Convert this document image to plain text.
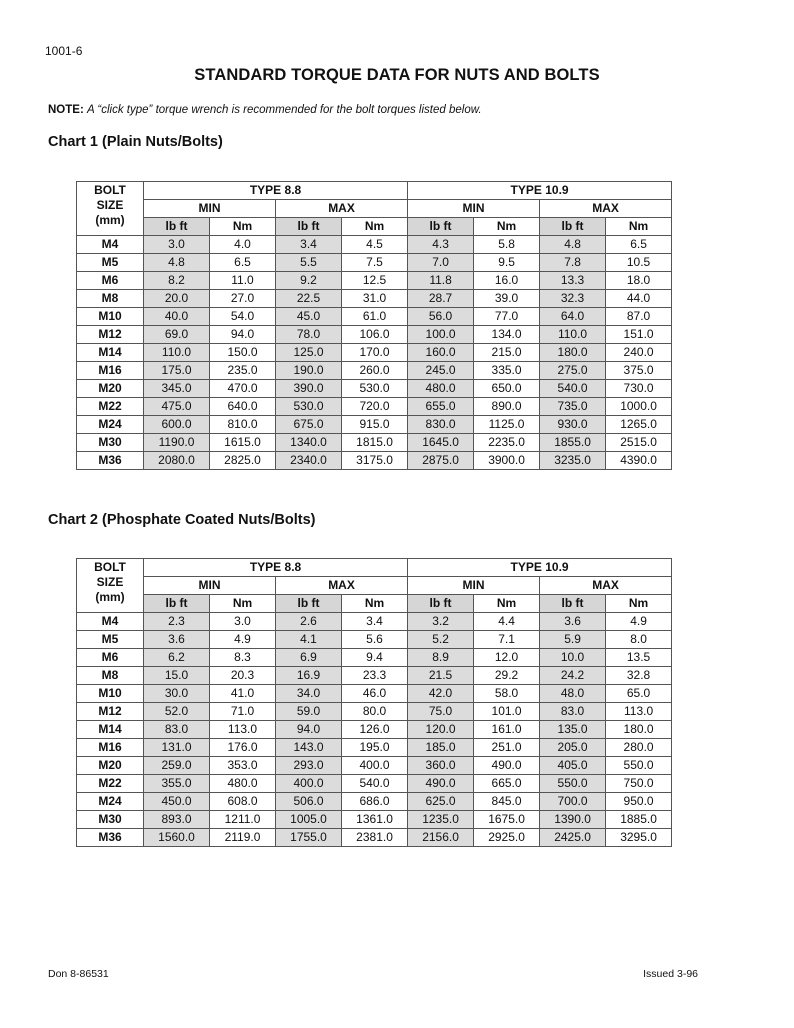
1001-6
STANDARD TORQUE DATA FOR NUTS AND BOLTS
NOTE: A “click type” torque wrench is recommended for the bolt torques listed below.
Chart 1 (Plain Nuts/Bolts)
BOLT
SIZE
(mm)	TYPE 8.8				TYPE 10.9			
	MIN		MAX		MIN		MAX	
	lb ft	Nm	lb ft	Nm	lb ft	Nm	lb ft	Nm
M4	3.0	4.0	3.4	4.5	4.3	5.8	4.8	6.5
M5	4.8	6.5	5.5	7.5	7.0	9.5	7.8	10.5
M6	8.2	11.0	9.2	12.5	11.8	16.0	13.3	18.0
M8	20.0	27.0	22.5	31.0	28.7	39.0	32.3	44.0
M10	40.0	54.0	45.0	61.0	56.0	77.0	64.0	87.0
M12	69.0	94.0	78.0	106.0	100.0	134.0	110.0	151.0
M14	110.0	150.0	125.0	170.0	160.0	215.0	180.0	240.0
M16	175.0	235.0	190.0	260.0	245.0	335.0	275.0	375.0
M20	345.0	470.0	390.0	530.0	480.0	650.0	540.0	730.0
M22	475.0	640.0	530.0	720.0	655.0	890.0	735.0	1000.0
M24	600.0	810.0	675.0	915.0	830.0	1125.0	930.0	1265.0
M30	1190.0	1615.0	1340.0	1815.0	1645.0	2235.0	1855.0	2515.0
M36	2080.0	2825.0	2340.0	3175.0	2875.0	3900.0	3235.0	4390.0
Chart 2 (Phosphate Coated Nuts/Bolts)
BOLT
SIZE
(mm)	TYPE 8.8				TYPE 10.9			
	MIN		MAX		MIN		MAX	
	lb ft	Nm	lb ft	Nm	lb ft	Nm	lb ft	Nm
M4	2.3	3.0	2.6	3.4	3.2	4.4	3.6	4.9
M5	3.6	4.9	4.1	5.6	5.2	7.1	5.9	8.0
M6	6.2	8.3	6.9	9.4	8.9	12.0	10.0	13.5
M8	15.0	20.3	16.9	23.3	21.5	29.2	24.2	32.8
M10	30.0	41.0	34.0	46.0	42.0	58.0	48.0	65.0
M12	52.0	71.0	59.0	80.0	75.0	101.0	83.0	113.0
M14	83.0	113.0	94.0	126.0	120.0	161.0	135.0	180.0
M16	131.0	176.0	143.0	195.0	185.0	251.0	205.0	280.0
M20	259.0	353.0	293.0	400.0	360.0	490.0	405.0	550.0
M22	355.0	480.0	400.0	540.0	490.0	665.0	550.0	750.0
M24	450.0	608.0	506.0	686.0	625.0	845.0	700.0	950.0
M30	893.0	1211.0	1005.0	1361.0	1235.0	1675.0	1390.0	1885.0
M36	1560.0	2119.0	1755.0	2381.0	2156.0	2925.0	2425.0	3295.0
Don 8-86531	Issued 3-96
